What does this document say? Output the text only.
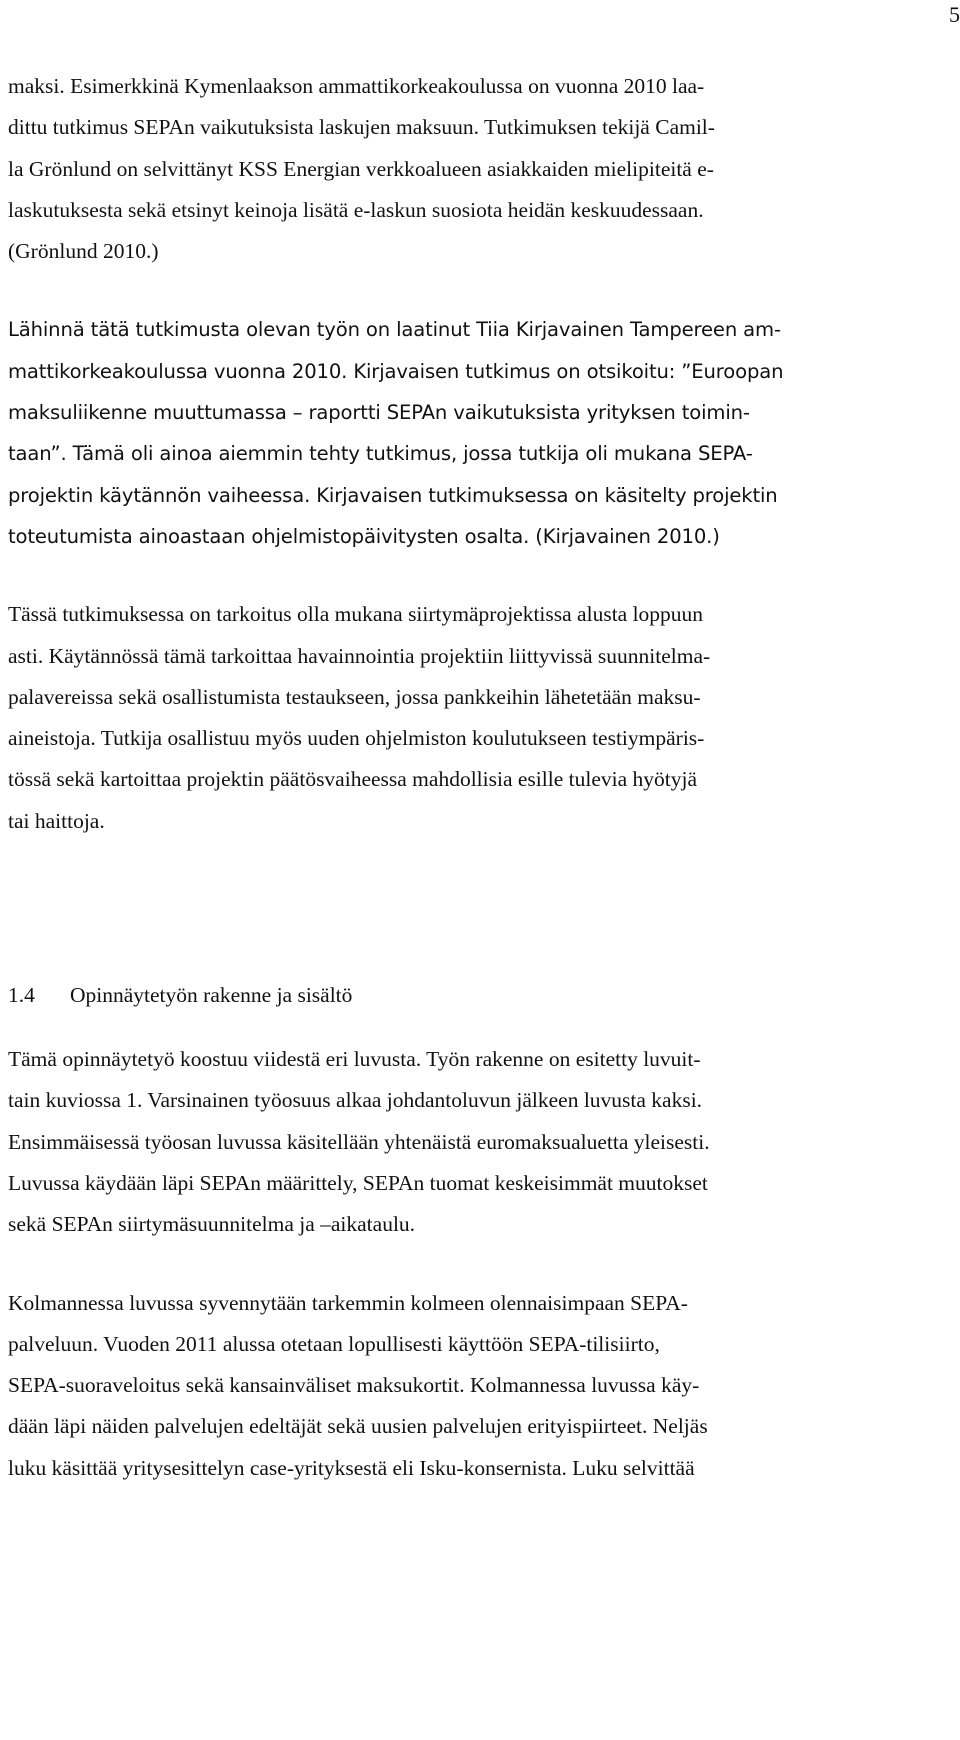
5

maksi. Esimerkkinä Kymenlaakson ammattikorkeakoulussa on vuonna 2010 laa-
dittu tutkimus SEPAn vaikutuksista laskujen maksuun. Tutkimuksen tekijä Camil-
la Grönlund on selvittänyt KSS Energian verkkoalueen asiakkaiden mielipiteitä e-
laskutuksesta sekä etsinyt keinoja lisätä e-laskun suosiota heidän keskuudessaan.
(Grönlund 2010.)

Lähinnä tätä tutkimusta olevan työn on laatinut Tiia Kirjavainen Tampereen am-
mattikorkeakoulussa vuonna 2010. Kirjavaisen tutkimus on otsikoitu: ”Euroopan
maksuliikenne muuttumassa – raportti SEPAn vaikutuksista yrityksen toimin-
taan”. Tämä oli ainoa aiemmin tehty tutkimus, jossa tutkija oli mukana SEPA-
projektin käytännön vaiheessa. Kirjavaisen tutkimuksessa on käsitelty projektin
toteutumista ainoastaan ohjelmistopäivitysten osalta. (Kirjavainen 2010.)

Tässä tutkimuksessa on tarkoitus olla mukana siirtymäprojektissa alusta loppuun
asti. Käytännössä tämä tarkoittaa havainnointia projektiin liittyvissä suunnitelma-
palavereissa sekä osallistumista testaukseen, jossa pankkeihin lähetetään maksu-
aineistoja. Tutkija osallistuu myös uuden ohjelmiston koulutukseen testiympäris-
tössä sekä kartoittaa projektin päätösvaiheessa mahdollisia esille tulevia hyötyjä
tai haittoja.

1.4	Opinnäytetyön rakenne ja sisältö

Tämä opinnäytetyö koostuu viidestä eri luvusta. Työn rakenne on esitetty luvuit-
tain kuviossa 1. Varsinainen työosuus alkaa johdantoluvun jälkeen luvusta kaksi.
Ensimmäisessä työosan luvussa käsitellään yhtenäistä euromaksualuetta yleisesti.
Luvussa käydään läpi SEPAn määrittely, SEPAn tuomat keskeisimmät muutokset
sekä SEPAn siirtymäsuunnitelma ja –aikataulu.

Kolmannessa luvussa syvennytään tarkemmin kolmeen olennaisimpaan SEPA-
palveluun. Vuoden 2011 alussa otetaan lopullisesti käyttöön SEPA-tilisiirto,
SEPA-suoraveloitus sekä kansainväliset maksukortit. Kolmannessa luvussa käy-
dään läpi näiden palvelujen edeltäjät sekä uusien palvelujen erityispiirteet. Neljäs
luku käsittää yritysesittelyn case-yrityksestä eli Isku-konsernista. Luku selvittää
